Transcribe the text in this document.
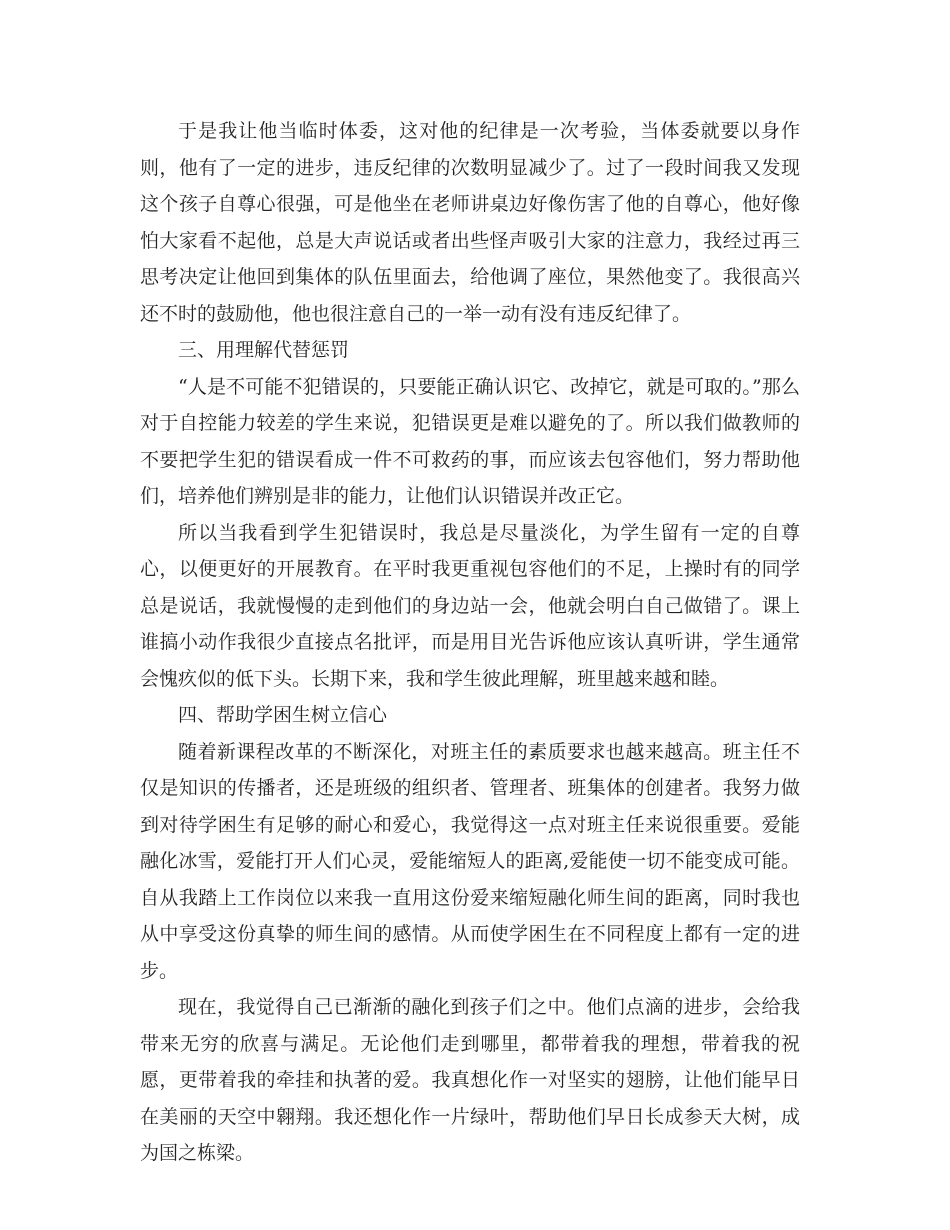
于是我让他当临时体委，这对他的纪律是一次考验，当体委就要以身作则，他有了一定的进步，违反纪律的次数明显减少了。过了一段时间我又发现这个孩子自尊心很强，可是他坐在老师讲桌边好像伤害了他的自尊心，他好像怕大家看不起他，总是大声说话或者出些怪声吸引大家的注意力，我经过再三思考决定让他回到集体的队伍里面去，给他调了座位，果然他变了。我很高兴还不时的鼓励他，他也很注意自己的一举一动有没有违反纪律了。

三、用理解代替惩罚

“人是不可能不犯错误的，只要能正确认识它、改掉它，就是可取的。”那么对于自控能力较差的学生来说，犯错误更是难以避免的了。所以我们做教师的不要把学生犯的错误看成一件不可救药的事，而应该去包容他们，努力帮助他们，培养他们辨别是非的能力，让他们认识错误并改正它。

所以当我看到学生犯错误时，我总是尽量淡化，为学生留有一定的自尊心，以便更好的开展教育。在平时我更重视包容他们的不足，上操时有的同学总是说话，我就慢慢的走到他们的身边站一会，他就会明白自己做错了。课上谁搞小动作我很少直接点名批评，而是用目光告诉他应该认真听讲，学生通常会愧疚似的低下头。长期下来，我和学生彼此理解，班里越来越和睦。

四、帮助学困生树立信心

随着新课程改革的不断深化，对班主任的素质要求也越来越高。班主任不仅是知识的传播者，还是班级的组织者、管理者、班集体的创建者。我努力做到对待学困生有足够的耐心和爱心，我觉得这一点对班主任来说很重要。爱能融化冰雪，爱能打开人们心灵，爱能缩短人的距离,爱能使一切不能变成可能。自从我踏上工作岗位以来我一直用这份爱来缩短融化师生间的距离，同时我也从中享受这份真挚的师生间的感情。从而使学困生在不同程度上都有一定的进步。

现在，我觉得自己已渐渐的融化到孩子们之中。他们点滴的进步，会给我带来无穷的欣喜与满足。无论他们走到哪里，都带着我的理想，带着我的祝愿，更带着我的牵挂和执著的爱。我真想化作一对坚实的翅膀，让他们能早日在美丽的天空中翱翔。我还想化作一片绿叶，帮助他们早日长成参天大树，成为国之栋梁。
